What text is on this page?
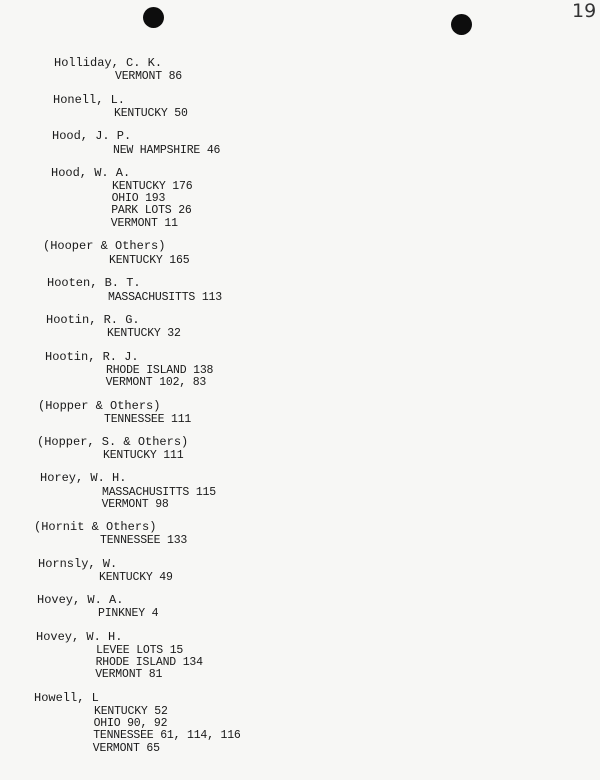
19
Holliday, C. K.
VERMONT 86
Honell, L.
KENTUCKY 50
Hood, J. P.
NEW HAMPSHIRE 46
Hood, W. A.
KENTUCKY 176
OHIO 193
PARK LOTS 26
VERMONT 11
(Hooper & Others)
KENTUCKY 165
Hooten, B. T.
MASSACHUSITTS 113
Hootin, R. G.
KENTUCKY 32
Hootin, R. J.
RHODE ISLAND 138
VERMONT 102, 83
(Hopper & Others)
TENNESSEE 111
(Hopper, S. & Others)
KENTUCKY 111
Horey, W. H.
MASSACHUSITTS 115
VERMONT 98
(Hornit & Others)
TENNESSEE 133
Hornsly, W.
KENTUCKY 49
Hovey, W. A.
PINKNEY 4
Hovey, W. H.
LEVEE LOTS 15
RHODE ISLAND 134
VERMONT 81
Howell, L
KENTUCKY 52
OHIO 90, 92
TENNESSEE 61, 114, 116
VERMONT 65
